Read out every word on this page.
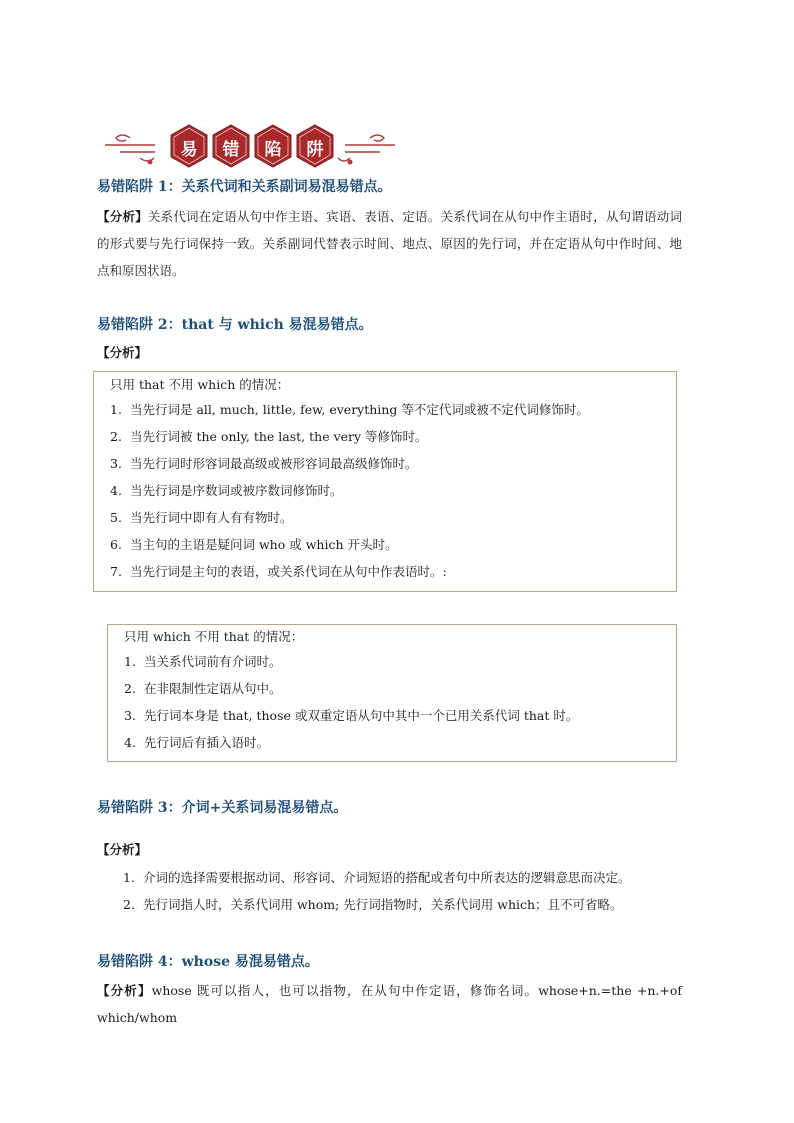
易	错	陷	阱
易错陷阱 1：关系代词和关系副词易混易错点。
【分析】关系代词在定语从句中作主语、宾语、表语、定语。关系代词在从句中作主语时，从句谓语动词的形式要与先行词保持一致。关系副词代替表示时间、地点、原因的先行词，并在定语从句中作时间、地点和原因状语。
易错陷阱 2：that 与 which 易混易错点。
【分析】
只用 that 不用 which 的情况：
1. 当先行词是 all, much, little, few, everything 等不定代词或被不定代词修饰时。
2. 当先行词被 the only, the last, the very 等修饰时。
3. 当先行词时形容词最高级或被形容词最高级修饰时。
4. 当先行词是序数词或被序数词修饰时。
5. 当先行词中即有人有有物时。
6. 当主句的主语是疑问词 who 或 which 开头时。
7. 当先行词是主句的表语，或关系代词在从句中作表语时。:
只用 which 不用 that 的情况：
1. 当关系代词前有介词时。
2. 在非限制性定语从句中。
3. 先行词本身是 that, those 或双重定语从句中其中一个已用关系代词 that 时。
4. 先行词后有插入语时。
易错陷阱 3：介词+关系词易混易错点。
【分析】
1. 介词的选择需要根据动词、形容词、介词短语的搭配或者句中所表达的逻辑意思而决定。
2. 先行词指人时，关系代词用 whom; 先行词指物时，关系代词用 which；且不可省略。
易错陷阱 4：whose 易混易错点。
【分析】whose 既可以指人，也可以指物，在从句中作定语，修饰名词。whose+n.=the +n.+of which/whom
